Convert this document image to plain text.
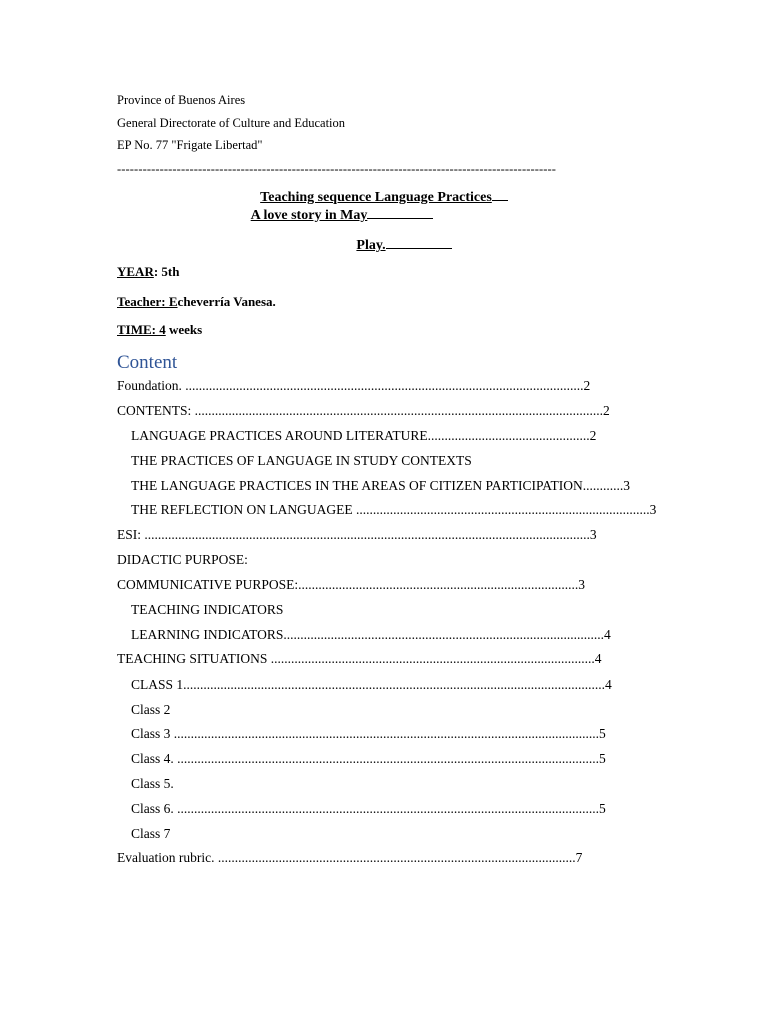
Province of Buenos Aires
General Directorate of Culture and Education
EP No. 77 "Frigate Libertad"
-------------------------------------------------------------------------------------------------------
Teaching sequence Language Practices
A love story in May
Play.
YEAR: 5th
Teacher: Echeverría Vanesa.
TIME: 4 weeks
Content
Foundation. ......................................................................................................................2
CONTENTS: .........................................................................................................................2
LANGUAGE PRACTICES AROUND LITERATURE................................................2
THE PRACTICES OF LANGUAGE IN STUDY CONTEXTS
THE LANGUAGE PRACTICES IN THE AREAS OF CITIZEN PARTICIPATION............3
THE REFLECTION ON LANGUAGEE .......................................................................................3
ESI: ....................................................................................................................................3
DIDACTIC PURPOSE:
COMMUNICATIVE PURPOSE:...................................................................................3
TEACHING INDICATORS
LEARNING INDICATORS...............................................................................................4
TEACHING SITUATIONS ................................................................................................4
CLASS 1.............................................................................................................................4
Class 2
Class 3 ..............................................................................................................................5
Class 4. .............................................................................................................................5
Class 5.
Class 6. .............................................................................................................................5
Class 7
Evaluation rubric. ..........................................................................................................7
